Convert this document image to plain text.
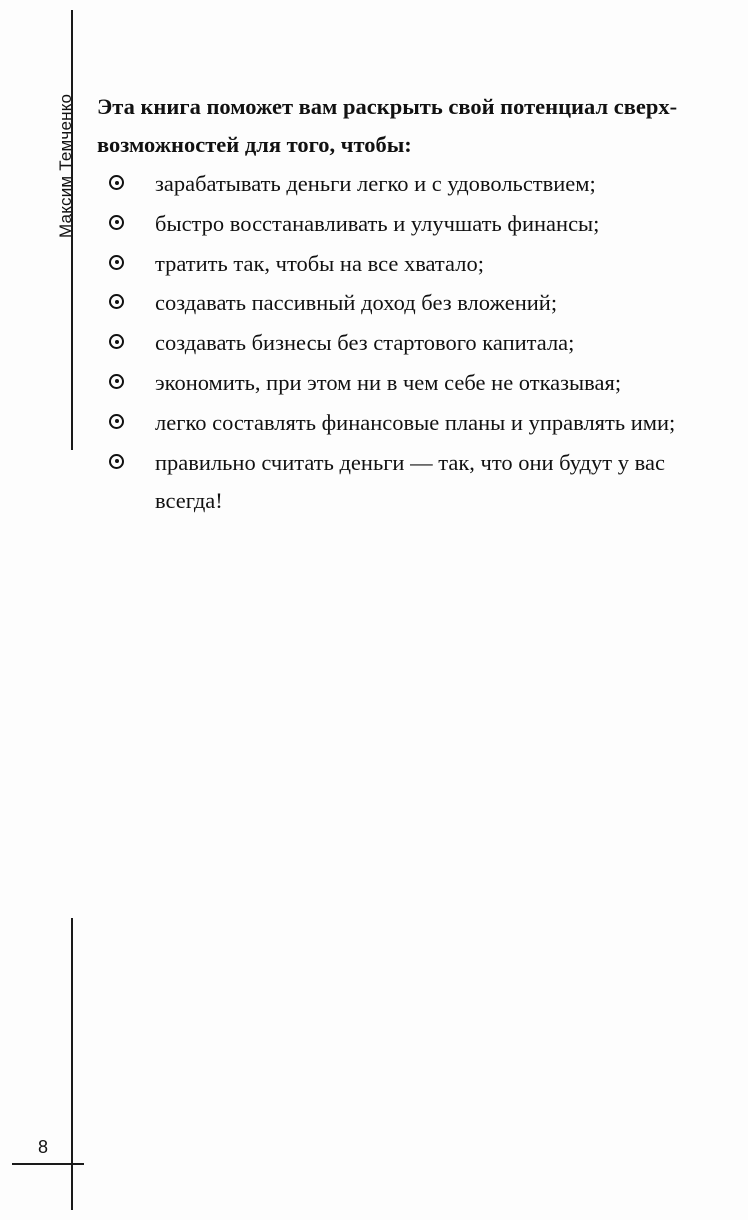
Максим Темченко
8

Эта книга поможет вам раскрыть свой потенциал сверх-
возможностей для того, чтобы:

зарабатывать деньги легко и с удовольствием;
быстро восстанавливать и улучшать финансы;
тратить так, чтобы на все хватало;
создавать пассивный доход без вложений;
создавать бизнесы без стартового капитала;
экономить, при этом ни в чем себе не отказывая;
легко составлять финансовые планы и управлять ими;
правильно считать деньги — так, что они будут у вас всегда!
